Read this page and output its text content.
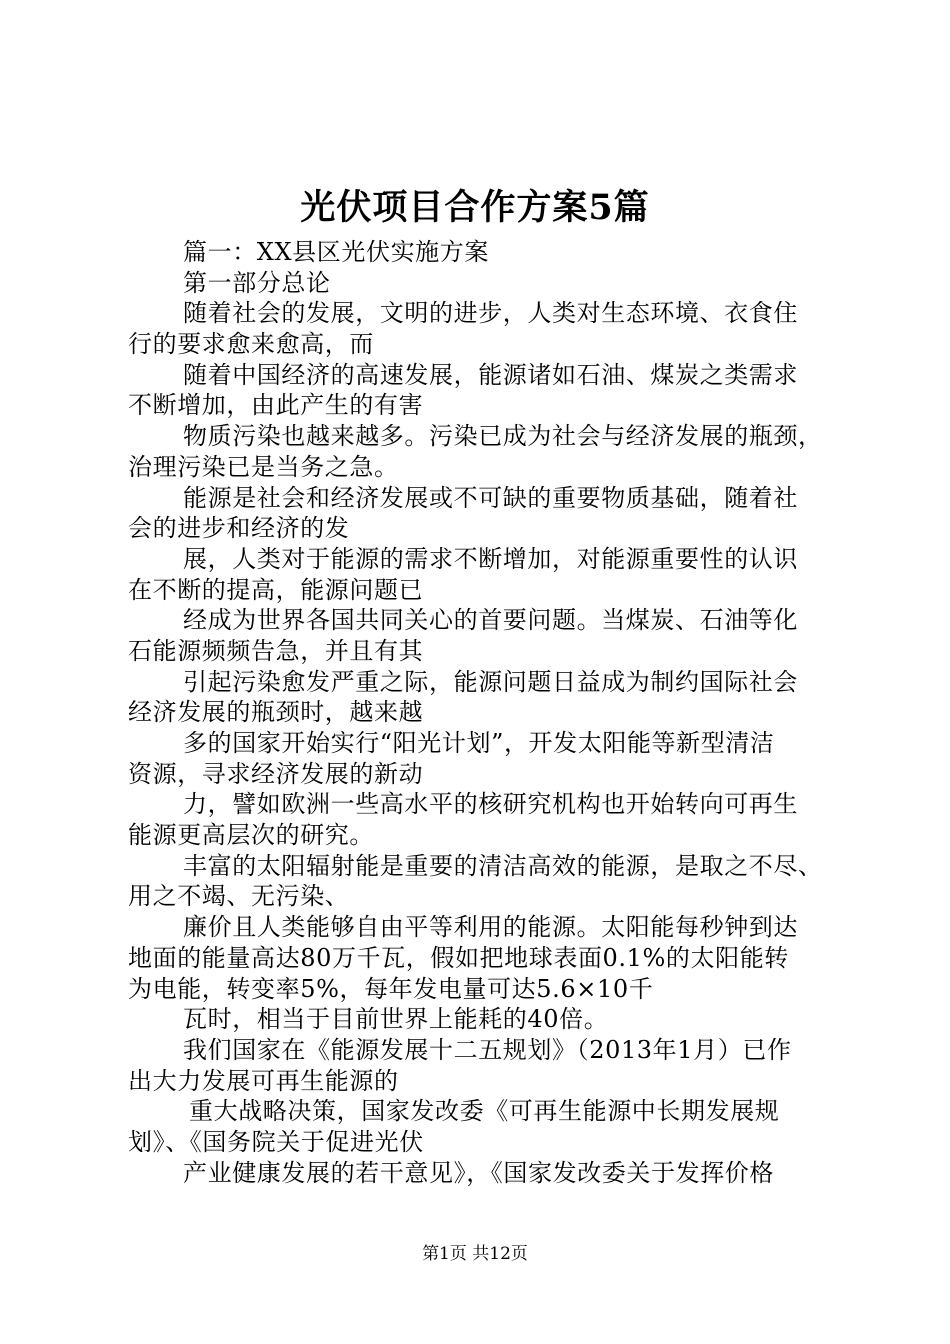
光伏项目合作方案5篇
篇一：XX县区光伏实施方案
第一部分总论
随着社会的发展，文明的进步，人类对生态环境、衣食住
行的要求愈来愈高，而
随着中国经济的高速发展，能源诸如石油、煤炭之类需求
不断增加，由此产生的有害
物质污染也越来越多。污染已成为社会与经济发展的瓶颈，
治理污染已是当务之急。
能源是社会和经济发展或不可缺的重要物质基础，随着社
会的进步和经济的发
展，人类对于能源的需求不断增加，对能源重要性的认识
在不断的提高，能源问题已
经成为世界各国共同关心的首要问题。当煤炭、石油等化
石能源频频告急，并且有其
引起污染愈发严重之际，能源问题日益成为制约国际社会
经济发展的瓶颈时，越来越
多的国家开始实行“阳光计划”，开发太阳能等新型清洁
资源，寻求经济发展的新动
力，譬如欧洲一些高水平的核研究机构也开始转向可再生
能源更高层次的研究。
丰富的太阳辐射能是重要的清洁高效的能源，是取之不尽、
用之不竭、无污染、
廉价且人类能够自由平等利用的能源。太阳能每秒钟到达
地面的能量高达80万千瓦，假如把地球表面0.1%的太阳能转
为电能，转变率5%，每年发电量可达5.6×10千
瓦时，相当于目前世界上能耗的40倍。
我们国家在《能源发展十二五规划》（2013年1月）已作
出大力发展可再生能源的
重大战略决策，国家发改委《可再生能源中长期发展规
划》、《国务院关于促进光伏
产业健康发展的若干意见》，《国家发改委关于发挥价格
第1页 共12页
